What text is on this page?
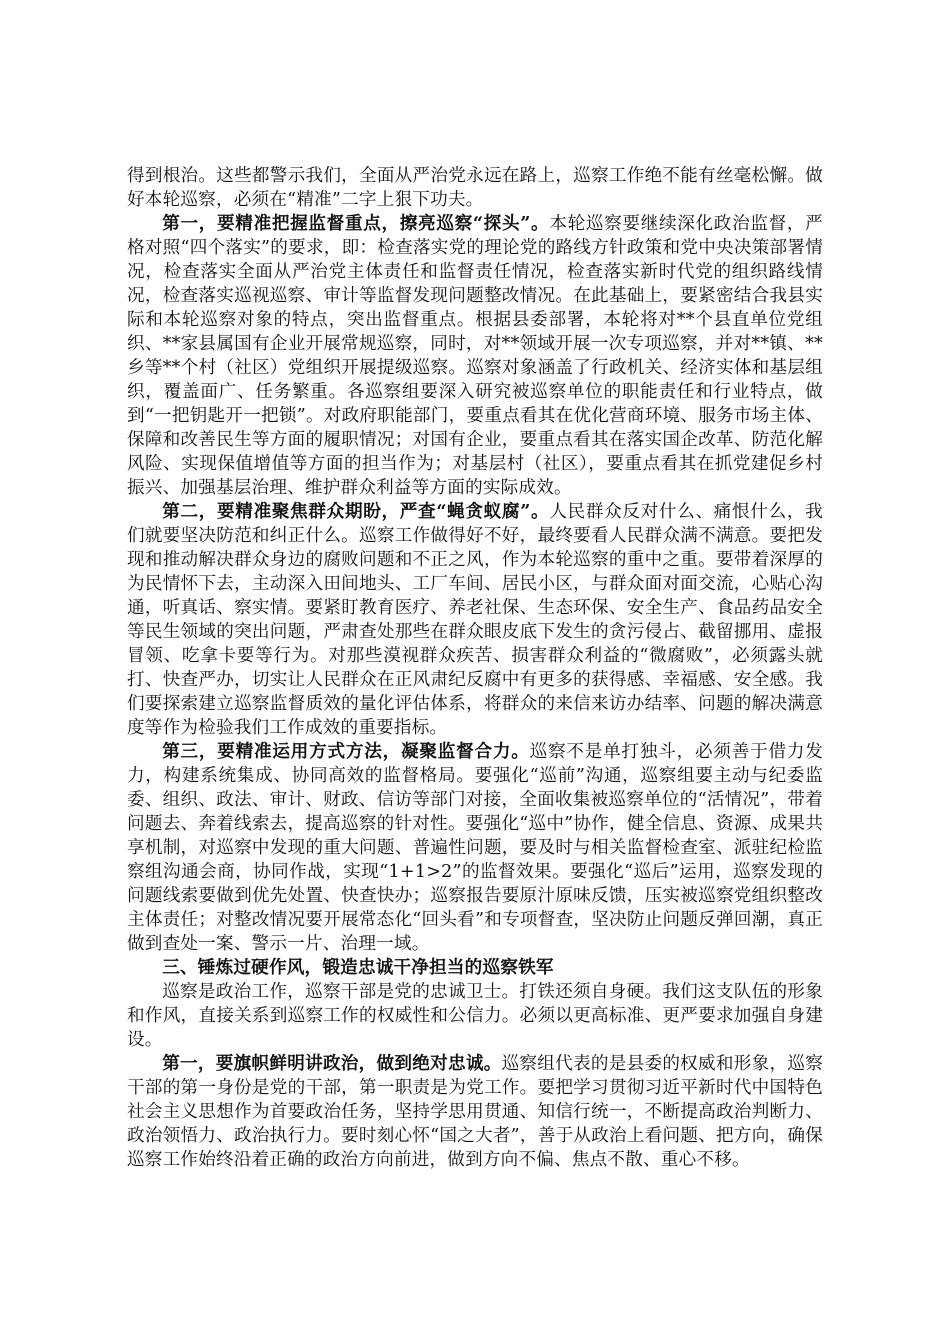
得到根治。这些都警示我们，全面从严治党永远在路上，巡察工作绝不能有丝毫松懈。做好本轮巡察，必须在“精准”二字上狠下功夫。

第一，要精准把握监督重点，擦亮巡察“探头”。本轮巡察要继续深化政治监督，严格对照“四个落实”的要求，即：检查落实党的理论党的路线方针政策和党中央决策部署情况，检查落实全面从严治党主体责任和监督责任情况，检查落实新时代党的组织路线情况，检查落实巡视巡察、审计等监督发现问题整改情况。在此基础上，要紧密结合我县实际和本轮巡察对象的特点，突出监督重点。根据县委部署，本轮将对**个县直单位党组织、**家县属国有企业开展常规巡察，同时，对**领域开展一次专项巡察，并对**镇、**乡等**个村（社区）党组织开展提级巡察。巡察对象涵盖了行政机关、经济实体和基层组织，覆盖面广、任务繁重。各巡察组要深入研究被巡察单位的职能责任和行业特点，做到“一把钥匙开一把锁”。对政府职能部门，要重点看其在优化营商环境、服务市场主体、保障和改善民生等方面的履职情况；对国有企业，要重点看其在落实国企改革、防范化解风险、实现保值增值等方面的担当作为；对基层村（社区），要重点看其在抓党建促乡村振兴、加强基层治理、维护群众利益等方面的实际成效。

第二，要精准聚焦群众期盼，严查“蝇贪蚁腐”。人民群众反对什么、痛恨什么，我们就要坚决防范和纠正什么。巡察工作做得好不好，最终要看人民群众满不满意。要把发现和推动解决群众身边的腐败问题和不正之风，作为本轮巡察的重中之重。要带着深厚的为民情怀下去，主动深入田间地头、工厂车间、居民小区，与群众面对面交流，心贴心沟通，听真话、察实情。要紧盯教育医疗、养老社保、生态环保、安全生产、食品药品安全等民生领域的突出问题，严肃查处那些在群众眼皮底下发生的贪污侵占、截留挪用、虚报冒领、吃拿卡要等行为。对那些漠视群众疾苦、损害群众利益的“微腐败”，必须露头就打、快查严办，切实让人民群众在正风肃纪反腐中有更多的获得感、幸福感、安全感。我们要探索建立巡察监督质效的量化评估体系，将群众的来信来访办结率、问题的解决满意度等作为检验我们工作成效的重要指标。

第三，要精准运用方式方法，凝聚监督合力。巡察不是单打独斗，必须善于借力发力，构建系统集成、协同高效的监督格局。要强化“巡前”沟通，巡察组要主动与纪委监委、组织、政法、审计、财政、信访等部门对接，全面收集被巡察单位的“活情况”，带着问题去、奔着线索去，提高巡察的针对性。要强化“巡中”协作，健全信息、资源、成果共享机制，对巡察中发现的重大问题、普遍性问题，要及时与相关监督检查室、派驻纪检监察组沟通会商，协同作战，实现“1+1>2”的监督效果。要强化“巡后”运用，巡察发现的问题线索要做到优先处置、快查快办；巡察报告要原汁原味反馈，压实被巡察党组织整改主体责任；对整改情况要开展常态化“回头看”和专项督查，坚决防止问题反弹回潮，真正做到查处一案、警示一片、治理一域。

三、锤炼过硬作风，锻造忠诚干净担当的巡察铁军

巡察是政治工作，巡察干部是党的忠诚卫士。打铁还须自身硬。我们这支队伍的形象和作风，直接关系到巡察工作的权威性和公信力。必须以更高标准、更严要求加强自身建设。

第一，要旗帜鲜明讲政治，做到绝对忠诚。巡察组代表的是县委的权威和形象，巡察干部的第一身份是党的干部，第一职责是为党工作。要把学习贯彻习近平新时代中国特色社会主义思想作为首要政治任务，坚持学思用贯通、知信行统一，不断提高政治判断力、政治领悟力、政治执行力。要时刻心怀“国之大者”，善于从政治上看问题、把方向，确保巡察工作始终沿着正确的政治方向前进，做到方向不偏、焦点不散、重心不移。
